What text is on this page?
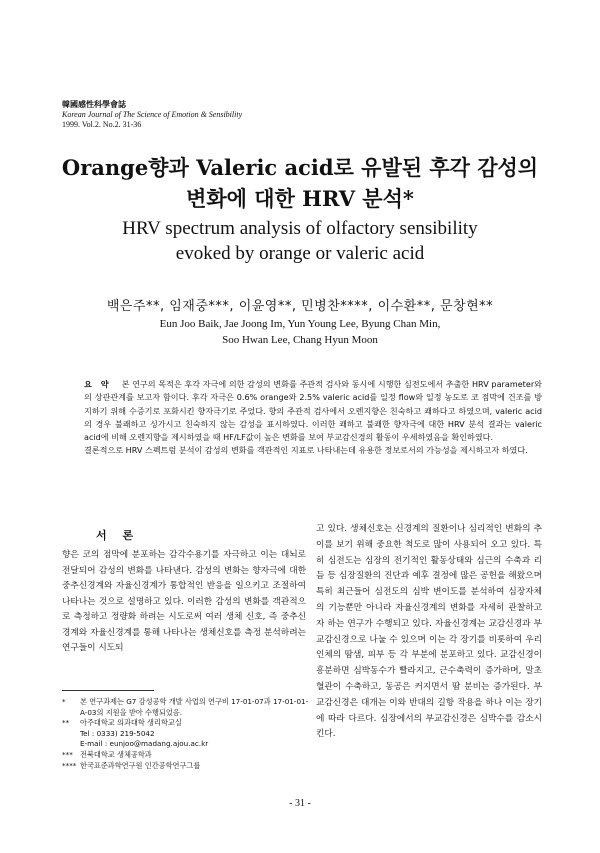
韓國感性科學會誌
Korean Journal of The Science of Emotion & Sensibility
1999. Vol.2. No.2. 31-36
Orange향과 Valeric acid로 유발된 후각 감성의
변화에 대한 HRV 분석*
HRV spectrum analysis of olfactory sensibility
evoked by orange or valeric acid
백은주**, 임재중***, 이윤영**, 민병찬****, 이수환**, 문창현**
Eun Joo Baik, Jae Joong Im, Yun Young Lee, Byung Chan Min,
Soo Hwan Lee, Chang Hyun Moon

요 약 본 연구의 목적은 후각 자극에 의한 감성의 변화를 주관적 검사와 동시에 시행한 심전도에서 추출한 HRV parameter와의 상관관계를 보고자 함이다. 후각 자극은 0.6% orange와 2.5% valeric acid를 일정 flow와 일정 농도로 코 점막에 건조를 방지하기 위해 수증기로 포화시킨 향자극기로 주었다. 향의 주관적 검사에서 오렌지향은 친숙하고 쾌하다고 하였으며, valeric acid의 경우 불쾌하고 싱가시고 친숙하지 않는 감성을 표시하였다. 이러한 쾌하고 불쾌한 향자극에 대한 HRV 분석 결과는 valeric acid에 비해 오렌지향을 제시하였을 때 HF/LF값이 높은 변화를 보여 부교감신경의 활동이 우세하였음을 확인하였다.

결론적으로 HRV 스펙트럼 분석이 감성의 변화를 객관적인 지표로 나타내는데 유용한 정보로서의 가능성을 제시하고자 하였다.

서 론

향은 코의 점막에 분포하는 감각수용기를 자극하고 이는 대뇌로 전달되어 감성의 변화를 나타낸다. 감성의 변화는 향자극에 대한 중추신경계와 자율신경계가 통합적인 반응을 일으키고 조절하여 나타나는 것으로 설명하고 있다. 이러한 감성의 변화를 객관적으로 측정하고 정량화 하려는 시도로써 여러 생체 신호, 즉 중추신경계와 자율신경계를 통해 나타나는 생체신호를 측정 분석하려는 연구들이 시도되

고 있다. 생체신호는 신경계의 질환이나 심리적인 변화의 추이를 보기 위해 중요한 척도로 많이 사용되어 오고 있다. 특히 심전도는 심장의 전기적인 활동상태와 심근의 수축과 리듬 등 심장질환의 진단과 예후 결정에 많은 공헌을 해왔으며 특히 최근들어 심전도의 심박 변이도를 분석하여 심장자체의 기능뿐만 아니라 자율신경계의 변화를 자세히 관찰하고자 하는 연구가 수행되고 있다. 자율신경계는 교감신경과 부교감신경으로 나눌 수 있으며 이는 각 장기를 비롯하여 우리 인체의 땀샘, 피부 등 각 부분에 분포하고 있다. 교감신경이 흥분하면 심박동수가 빨라지고, 근수축력이 증가하며, 말초혈관이 수축하고, 동공은 커지면서 땀 분비는 증가된다. 부교감신경은 대개는 이와 반대의 길항 작용을 하나 이는 장기에 따라 다르다. 심장에서의 부교감신경은 심박수를 감소시킨다.

*	본 연구과제는 G7 감성공학 개발 사업의 연구비 17-01-07과 17-01-01-A-03의 지원을 받아 수행되었음.
**	아주대학교 의과대학 생리학교실
Tel : 0333) 219-5042
E-mail : eunjoo@madang.ajou.ac.kr
***	전북대학교 생체공학과
**** 한국표준과학연구원 인간공학연구그룹
- 31 -
